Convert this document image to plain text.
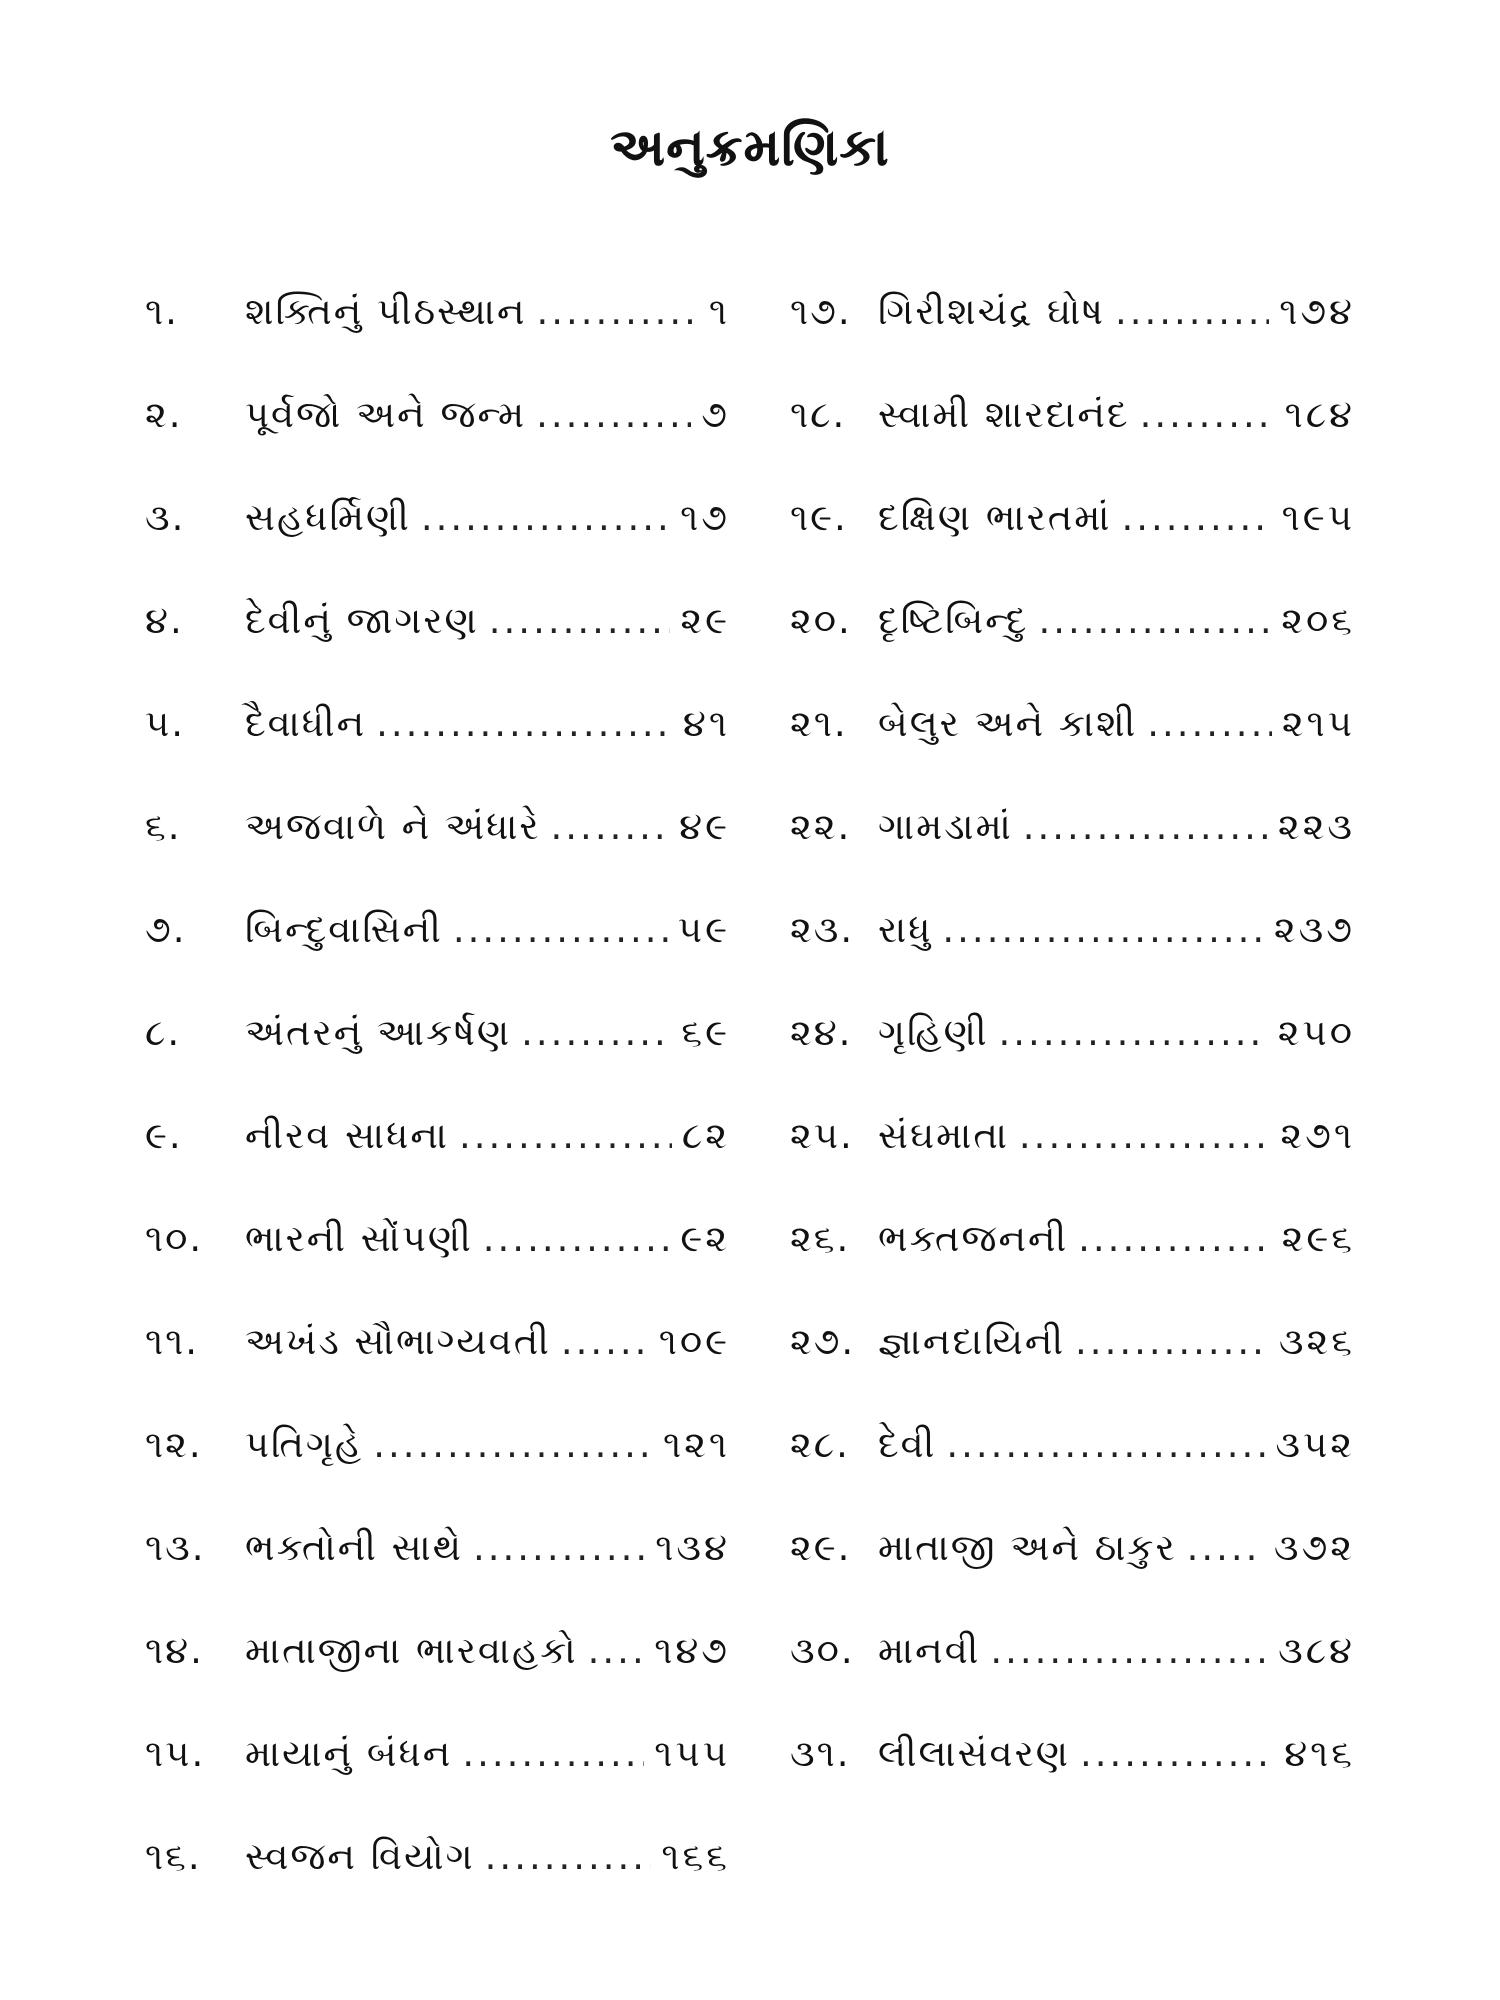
અનુક્રમણિકા
૧.	શક્તિનું પીઠસ્થાન .....	૧
૨.	પૂર્વજો અને જન્મ .....	૭
૩.	સહધર્મિણી .....	૧૭
૪.	દેવીનું જાગરણ .....	૨૯
૫.	દૈવાધીન .....	૪૧
૬.	અજવાળે ને અંધારે .....	૪૯
૭.	બિન્દુવાસિની .....	૫૯
૮.	અંતરનું આકર્ષણ .....	૬૯
૯.	નીરવ સાધના .....	૮૨
૧૦.	ભારની સોંપણી .....	૯૨
૧૧.	અખંડ સૌભાગ્યવતી .....	૧૦૯
૧૨.	પતિગૃહે .....	૧૨૧
૧૩.	ભક્તોની સાથે .....	૧૩૪
૧૪.	માતાજીના ભારવાહકો ..... ૧૪૭
૧૫.	માયાનું બંધન .....	૧૫૫
૧૬.	સ્વજન વિયોગ .....	૧૬૬
૧૭. ગિરીશચંદ્ર ઘોષ .....	૧૭૪
૧૮. સ્વામી શારદાનંદ .....	૧૮૪
૧૯. દક્ષિણ ભારતમાં .....	૧૯૫
૨૦. દૃષ્ટિબિન્દુ .....	૨૦૬
૨૧. બેલુર અને કાશી .....	૨૧૫
૨૨. ગામડામાં .....	૨૨૩
૨૩. રાધુ .....	૨૩૭
૨૪. ગૃહિણી .....	૨૫૦
૨૫. સંઘમાતા .....	૨૭૧
૨૬. ભક્તજનની .....	૨૯૬
૨૭. જ્ઞાનદાયિની .....	૩૨૬
૨૮. દેવી .....	૩૫૨
૨૯. માતાજી અને ઠાકુર .....	૩૭૨
૩૦. માનવી .....	૩૮૪
૩૧. લીલાસંવરણ .....	૪૧૬
